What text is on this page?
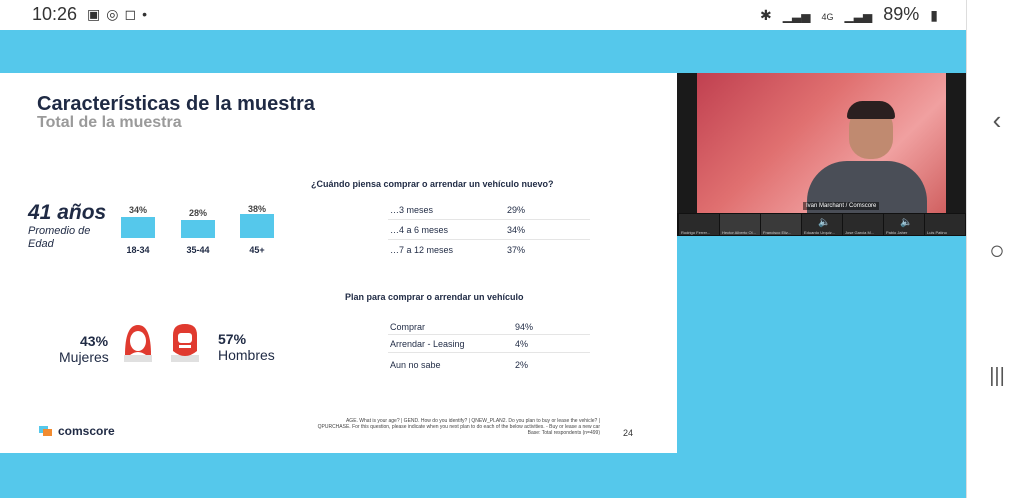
10:26 ▣◎◻•	✱ ▁▃▅ 4G ▁▃▅ 89% ▮
Características de la muestra
Total de la muestra
41 años
Promedio de Edad
34%	28%	38%
18-34	35-44	45+
¿Cuándo piensa comprar o arrendar un vehículo nuevo?
…3 meses	29%
…4 a 6 meses	34%
…7 a 12 meses	37%
Plan para comprar o arrendar un vehículo
Comprar	94%
Arrendar - Leasing	4%
Aun no sabe	2%
43%
Mujeres
57%
Hombres
comscore
AGE. What is your age? | GEND. How do you identify? | QNEW_PLAN2. Do you plan to buy or lease the vehicle? |
QPURCHASE. For this question, please indicate when you next plan to do each of the below activities. - Buy or lease a new car
Base: Total respondents (n=499)	24
Ivan Marchant / Comscore
Rodrigo Ferrer...	Hector Alberto Ol... Francisco Eliz...
🔈
Eduardo Urquiz... Jose Garcia M...
🔈
Pablo Jaher	Luis Patino
‹
○
|||
